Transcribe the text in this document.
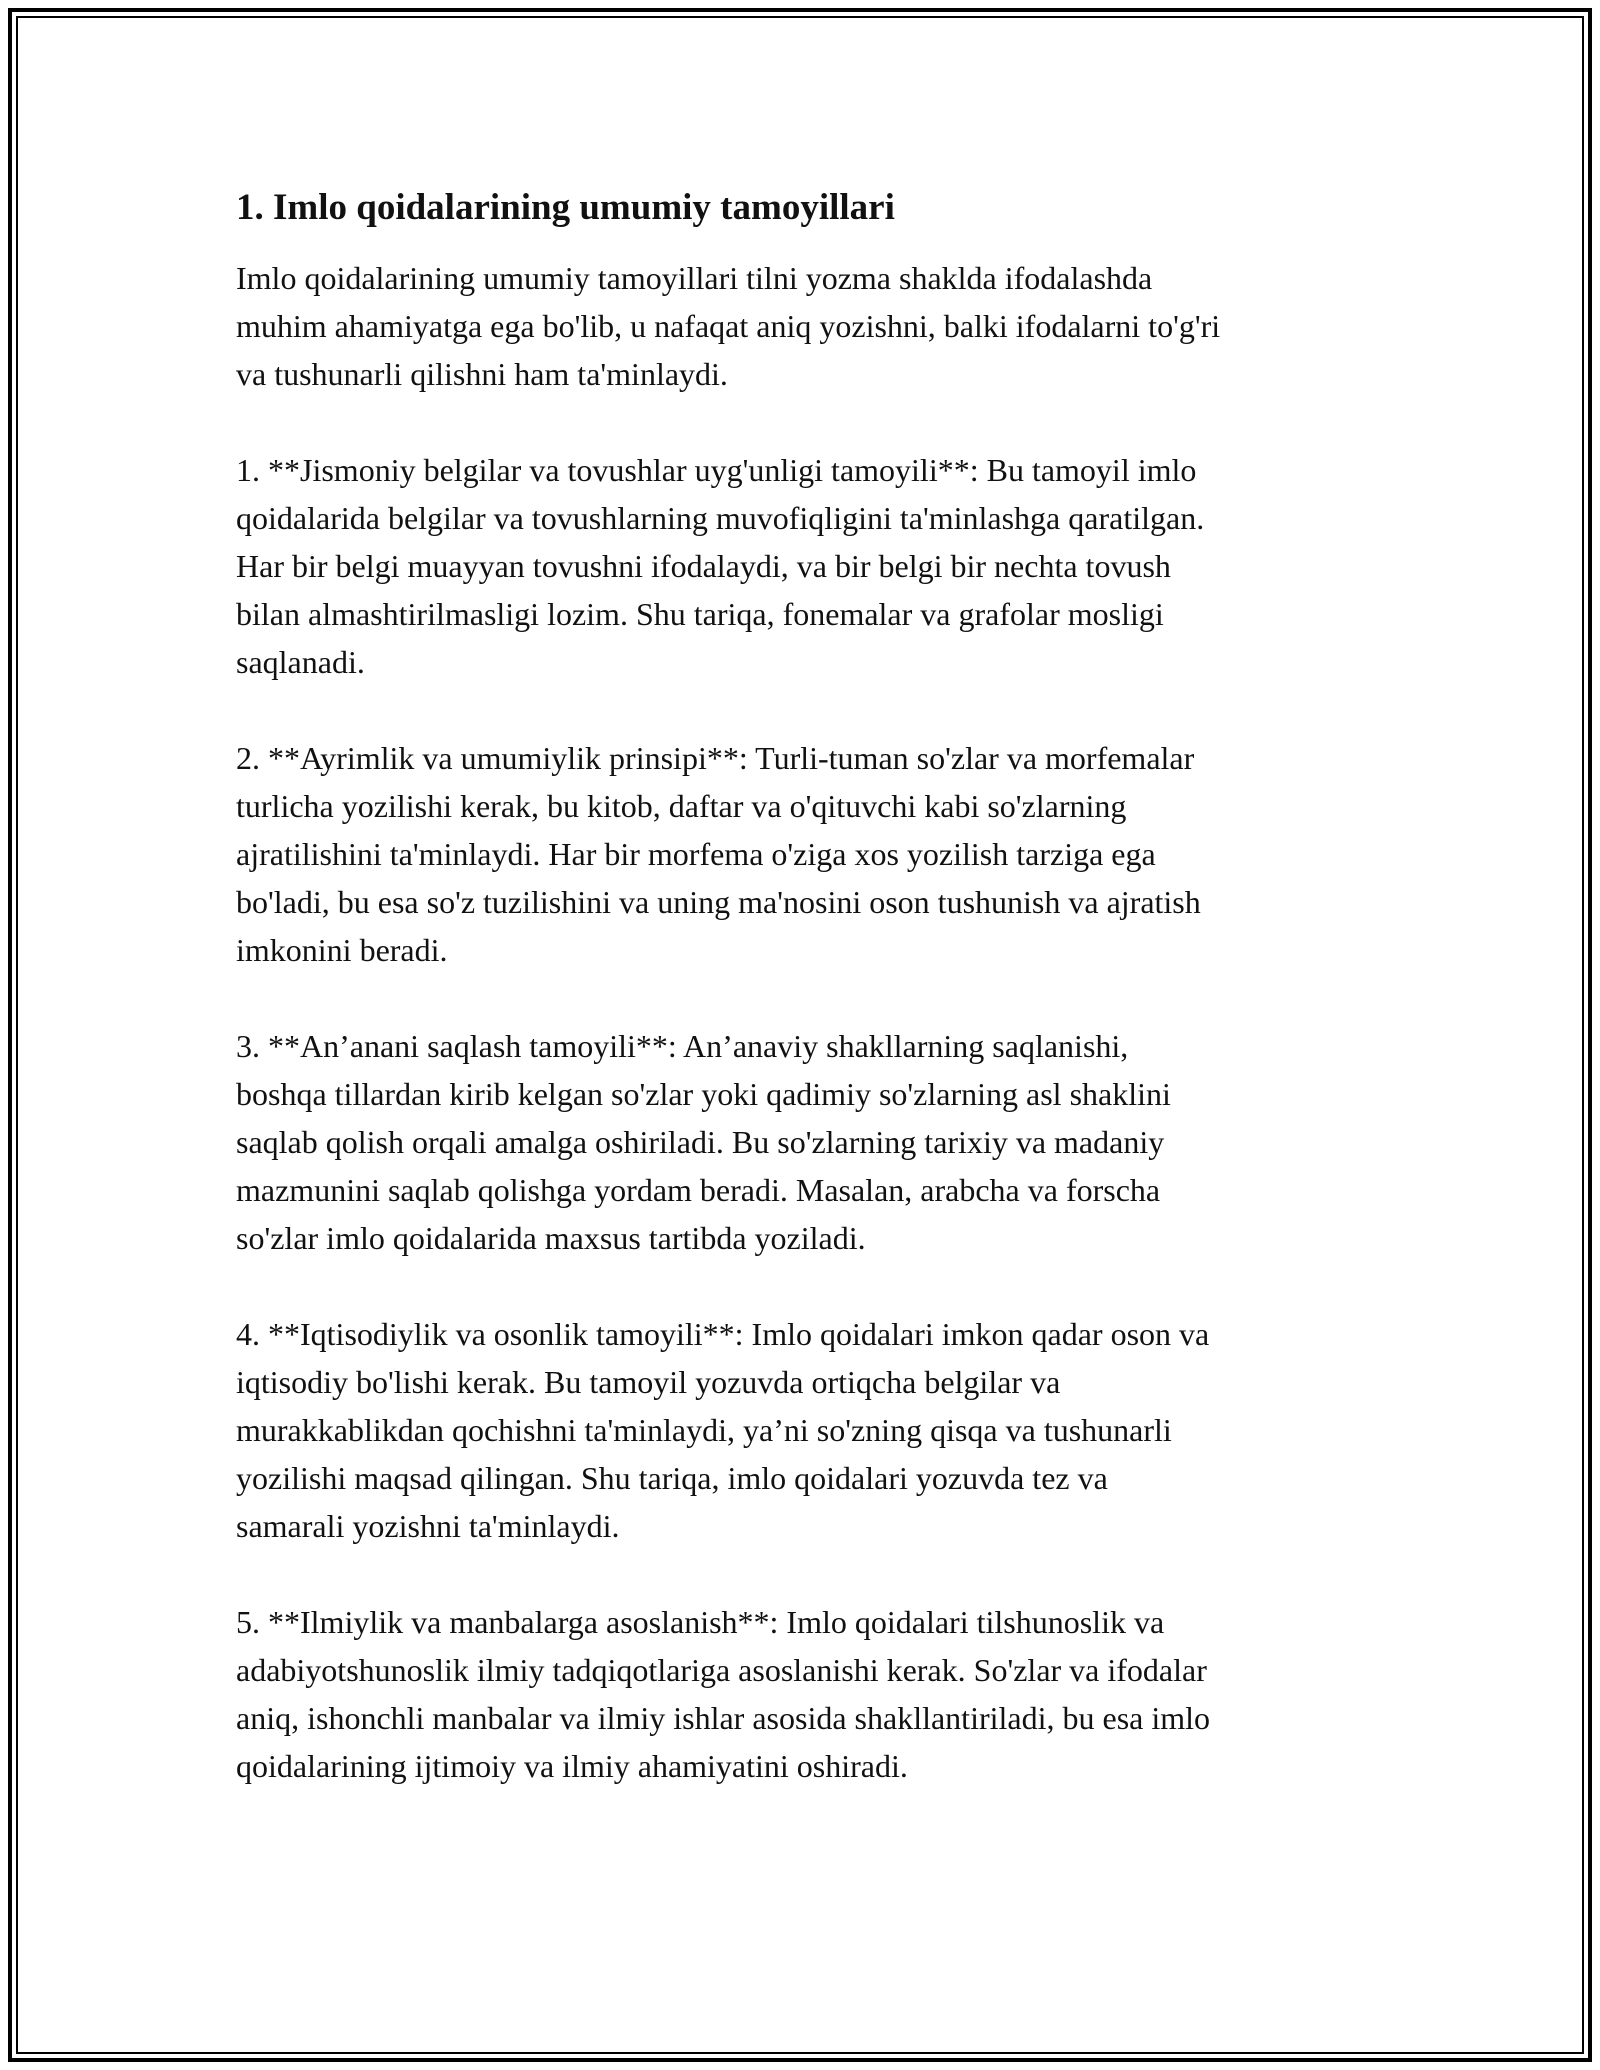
1. Imlo qoidalarining umumiy tamoyillari

Imlo qoidalarining umumiy tamoyillari tilni yozma shaklda ifodalashda
muhim ahamiyatga ega bo'lib, u nafaqat aniq yozishni, balki ifodalarni to'g'ri
va tushunarli qilishni ham ta'minlaydi.

1. **Jismoniy belgilar va tovushlar uyg'unligi tamoyili**: Bu tamoyil imlo
qoidalarida belgilar va tovushlarning muvofiqligini ta'minlashga qaratilgan.
Har bir belgi muayyan tovushni ifodalaydi, va bir belgi bir nechta tovush
bilan almashtirilmasligi lozim. Shu tariqa, fonemalar va grafolar mosligi
saqlanadi.

2. **Ayrimlik va umumiylik prinsipi**: Turli-tuman so'zlar va morfemalar
turlicha yozilishi kerak, bu kitob, daftar va o'qituvchi kabi so'zlarning
ajratilishini ta'minlaydi. Har bir morfema o'ziga xos yozilish tarziga ega
bo'ladi, bu esa so'z tuzilishini va uning ma'nosini oson tushunish va ajratish
imkonini beradi.

3. **An’anani saqlash tamoyili**: An’anaviy shakllarning saqlanishi,
boshqa tillardan kirib kelgan so'zlar yoki qadimiy so'zlarning asl shaklini
saqlab qolish orqali amalga oshiriladi. Bu so'zlarning tarixiy va madaniy
mazmunini saqlab qolishga yordam beradi. Masalan, arabcha va forscha
so'zlar imlo qoidalarida maxsus tartibda yoziladi.

4. **Iqtisodiylik va osonlik tamoyili**: Imlo qoidalari imkon qadar oson va
iqtisodiy bo'lishi kerak. Bu tamoyil yozuvda ortiqcha belgilar va
murakkablikdan qochishni ta'minlaydi, ya’ni so'zning qisqa va tushunarli
yozilishi maqsad qilingan. Shu tariqa, imlo qoidalari yozuvda tez va
samarali yozishni ta'minlaydi.

5. **Ilmiylik va manbalarga asoslanish**: Imlo qoidalari tilshunoslik va
adabiyotshunoslik ilmiy tadqiqotlariga asoslanishi kerak. So'zlar va ifodalar
aniq, ishonchli manbalar va ilmiy ishlar asosida shakllantiriladi, bu esa imlo
qoidalarining ijtimoiy va ilmiy ahamiyatini oshiradi.
